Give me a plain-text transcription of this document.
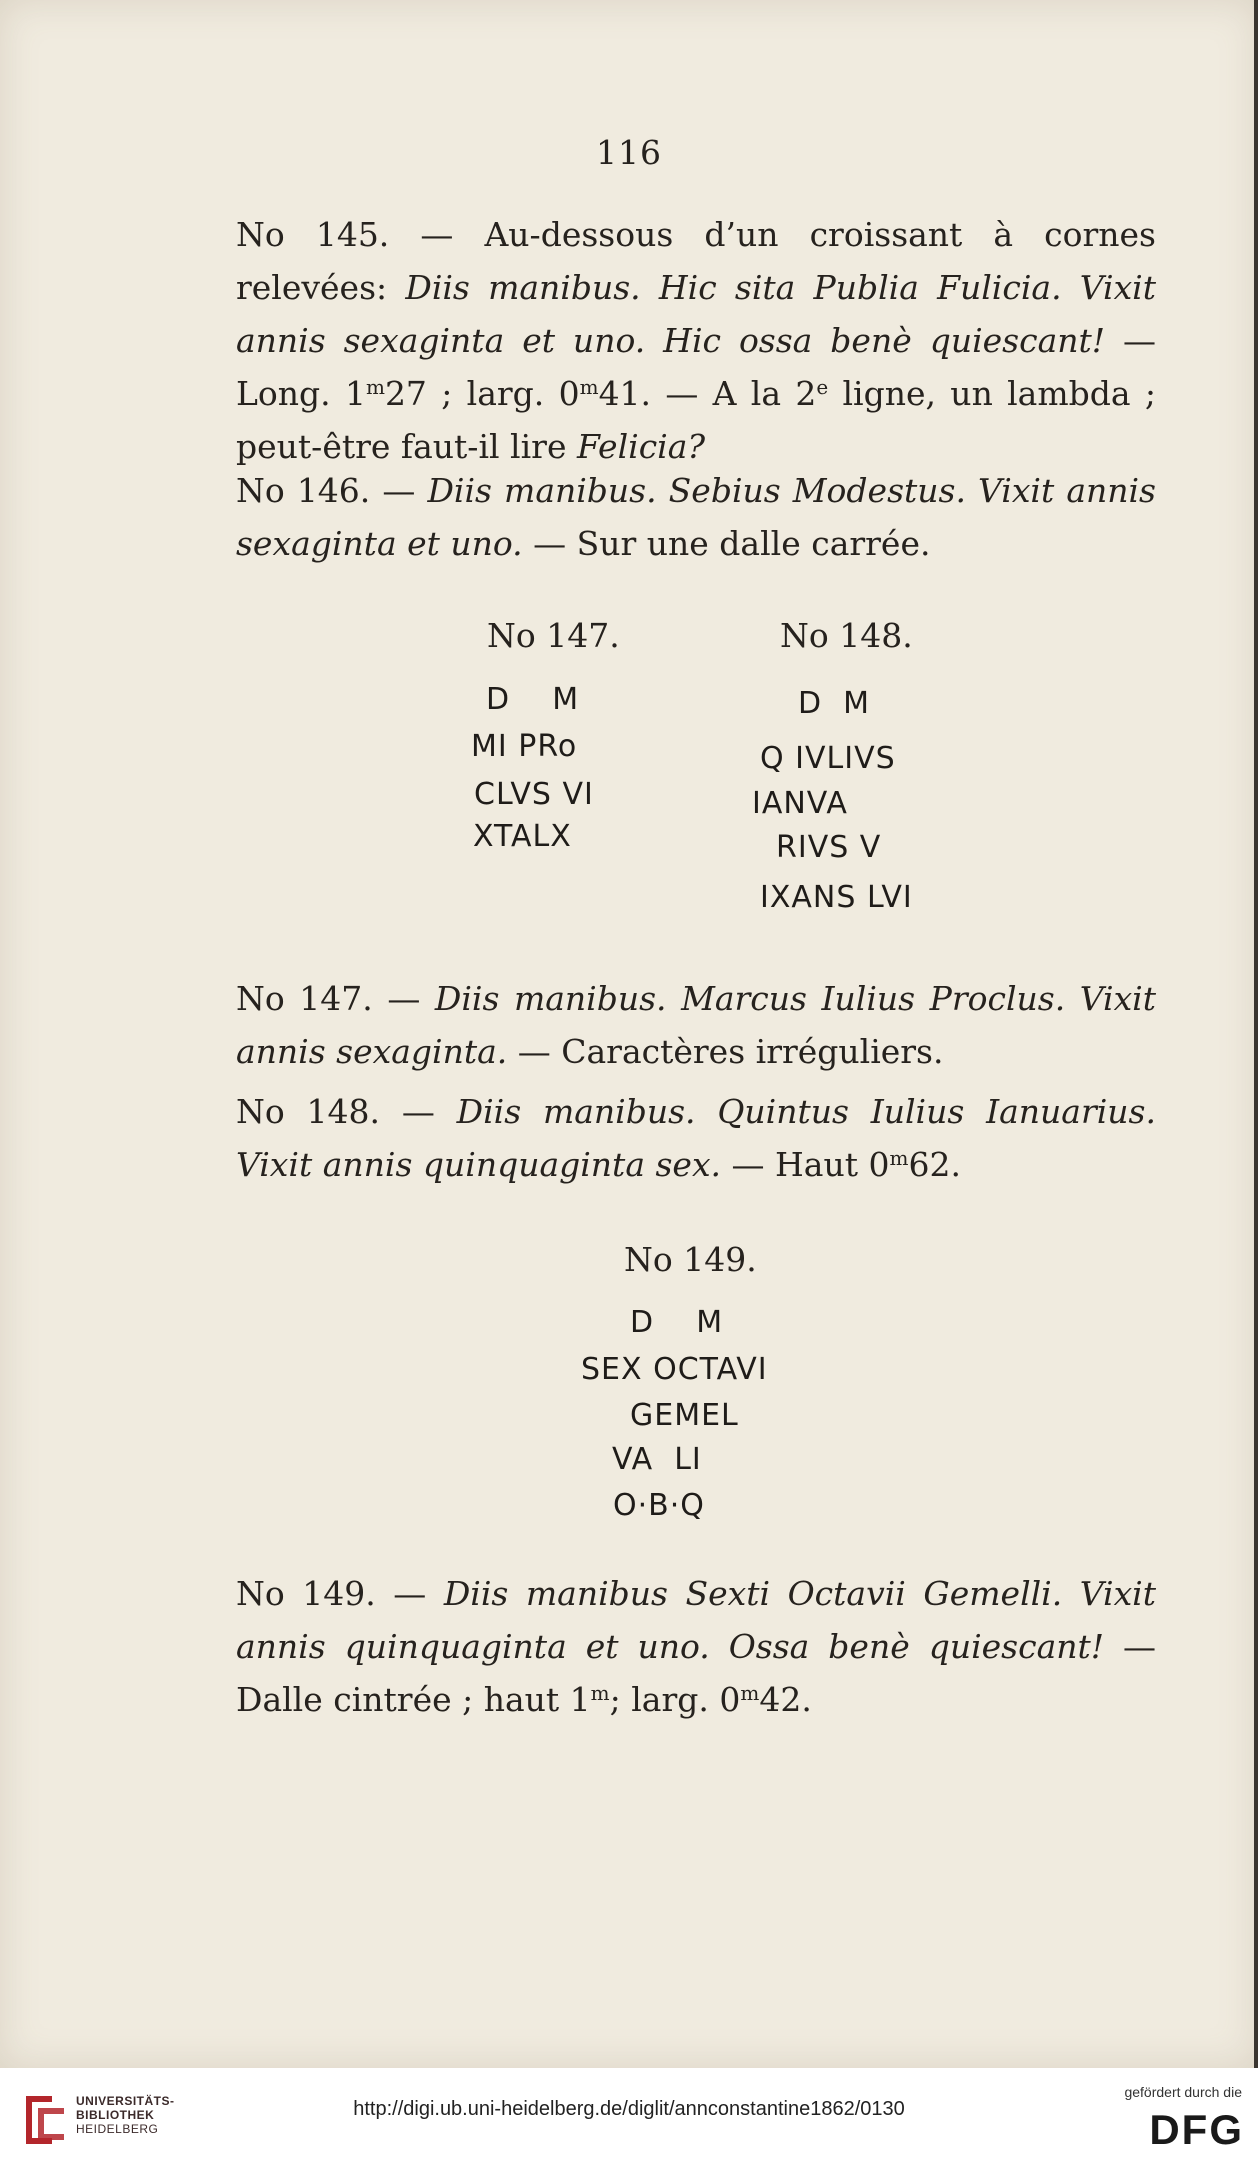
116
No 145. — Au-dessous d’un croissant à cornes relevées: Diis manibus. Hic sita Publia Fulicia. Vixit annis sexaginta et uno. Hic ossa benè quiescant! — Long. 1$^m$27 ; larg. 0$^m$41. — A la 2e ligne, un lambda ; peut-être faut-il lire Felicia?
No 146. — Diis manibus. Sebius Modestus. Vixit annis sexaginta et uno. — Sur une dalle carrée.
No 147.	No 148.
D    M
MI PRo
CLVS VI
XTALX
D  M
Q IVLIVS
IANVA
RIVS V
IXANS LVI
No 147. — Diis manibus. Marcus Iulius Proclus. Vixit annis sexaginta. — Caractères irréguliers.
No 148. — Diis manibus. Quintus Iulius Ianuarius. Vixit annis quinquaginta sex. — Haut 0$^m$62.
No 149.
D    M
SEX OCTAVI
GEMEL
VA  LI
O·B·Q
No 149. — Diis manibus Sexti Octavii Gemelli. Vixit annis quinquaginta et uno. Ossa benè quiescant! — Dalle cintrée ; haut 1$^m$; larg. 0$^m$42.
UNIVERSITÄTS-
BIBLIOTHEK
HEIDELBERG
http://digi.ub.uni-heidelberg.de/diglit/annconstantine1862/0130
gefördert durch die
DFG
